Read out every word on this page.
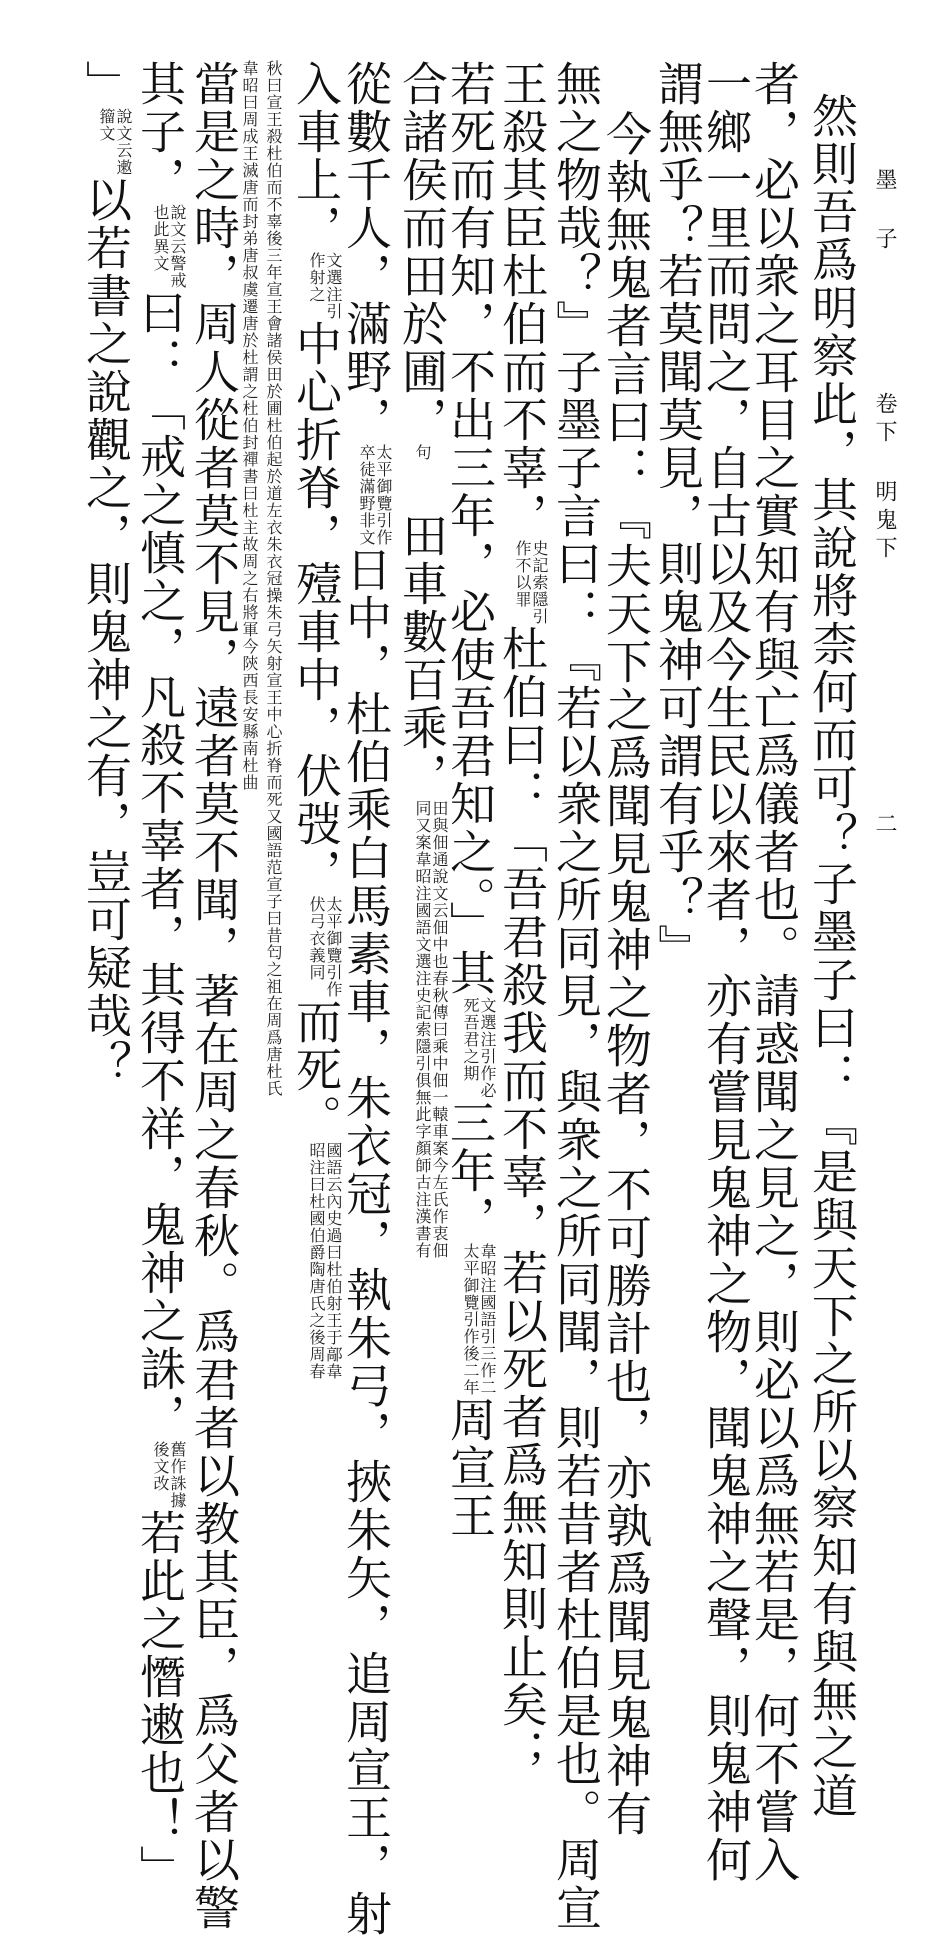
墨 子
卷下
明鬼下
二
然則吾爲明察此，其說將柰何而可？子墨子曰：『是與天下之所以察知有與無之道
者，必以衆之耳目之實知有與亡爲儀者也。請惑聞之見之，則必以爲無若是，何不嘗入
一鄉一里而問之，自古以及今生民以來者，亦有嘗見鬼神之物，聞鬼神之聲，則鬼神何
謂無乎？若莫聞莫見，則鬼神可謂有乎？』
今執無鬼者言曰：『夫天下之爲聞見鬼神之物者，不可勝計也，亦孰爲聞見鬼神有
無之物哉？』子墨子言曰：『若以衆之所同見，與衆之所同聞，則若昔者杜伯是也。周宣
王殺其臣杜伯而不辜，史記索隱引作不以罪杜伯曰：「吾君殺我而不辜，若以死者爲無知則止矣；
若死而有知，不出三年，必使吾君知之。」其文選注引作必死吾君之期三年，韋昭注國語引三作二太平御覽引作後二年周宣王
合諸侯而田於圃，句田車數百乘，田與佃通說文云佃中也春秋傳曰乘中佃一轅車案今左氏作衷佃同又案韋昭注國語文選注史記索隱引俱無此字顏師古注漢書有
從數千人，滿野，太平御覽引作卒徒滿野非文日中，杜伯乘白馬素車，朱衣冠，執朱弓，挾朱矢，追周宣王，射
入車上，文選注引作射之中心折脊，殪車中，伏弢，太平御覽引作伏弓衣義同而死。國語云內史過曰杜伯射王于鄗韋昭注曰杜國伯爵陶唐氏之後周春
秋曰宣王殺杜伯而不辜後三年宣王會諸侯田於圃杜伯起於道左衣朱衣冠操朱弓矢射宣王中心折脊而死又國語范宣子曰昔匄之祖在周爲唐杜氏
韋昭曰周成王滅唐而封弟唐叔虞遷唐於杜謂之杜伯封禪書曰杜主故周之右將軍今陝西長安縣南杜曲
當是之時，周人從者莫不見，遠者莫不聞，著在周之春秋。爲君者以教其臣，爲父者以警
其子，說文云警戒也此異文曰：「戒之慎之，凡殺不辜者，其得不祥，鬼神之誅，舊作誅據後文改若此之憯遫也！」
」說文云遫籀文以若書之說觀之，則鬼神之有，豈可疑哉？
